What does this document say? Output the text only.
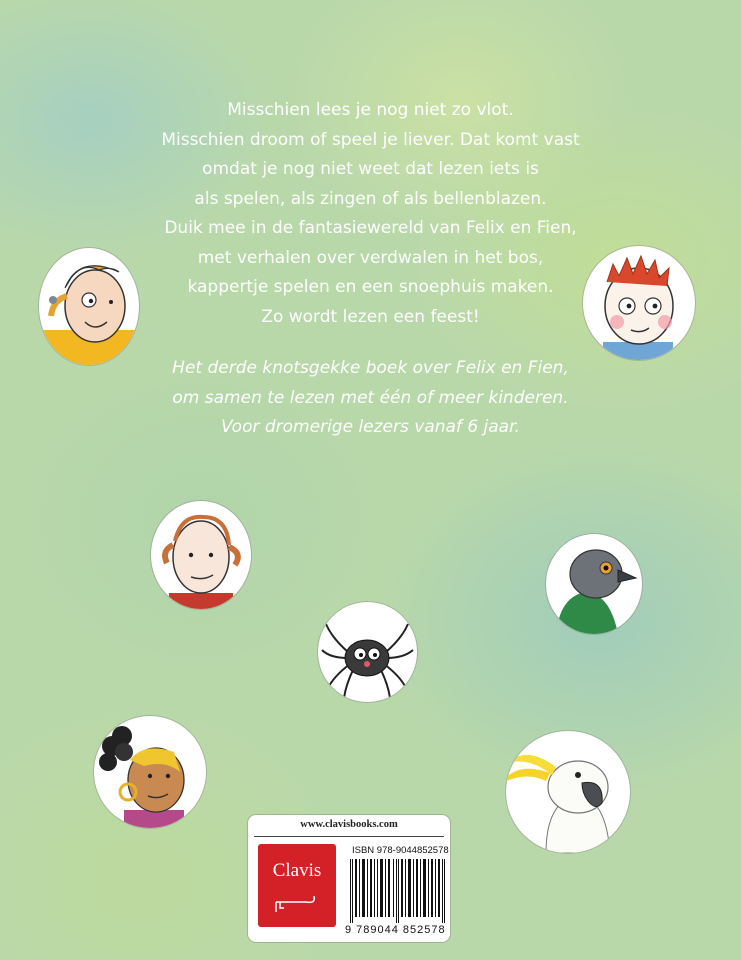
Misschien lees je nog niet zo vlot.

Misschien droom of speel je liever. Dat komt vast

omdat je nog niet weet dat lezen iets is

als spelen, als zingen of als bellenblazen.

Duik mee in de fantasiewereld van Felix en Fien,

met verhalen over verdwalen in het bos,

kappertje spelen en een snoephuis maken.

Zo wordt lezen een feest!

Het derde knotsgekke boek over Felix en Fien,

om samen te lezen met één of meer kinderen.

Voor dromerige lezers vanaf 6 jaar.

www.clavisbooks.com
Clavis
ISBN 978-9044852578
9 789044 852578
